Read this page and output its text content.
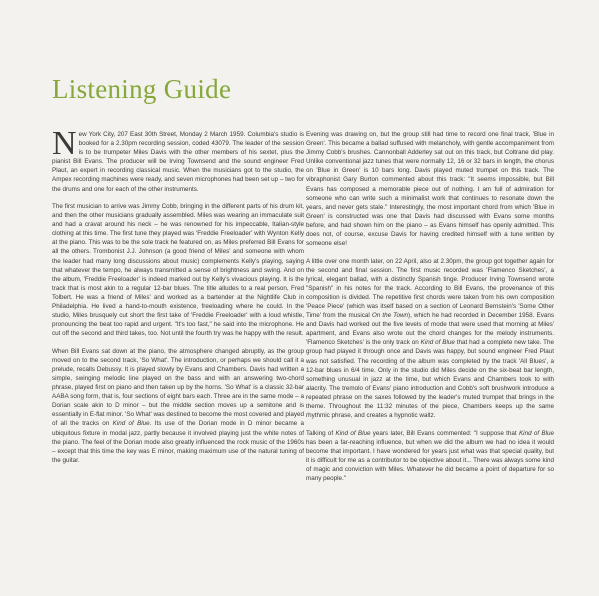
Listening Guide

New York City, 207 East 30th Street, Monday 2 March 1959. Columbia's studio is booked for a 2.30pm recording session, coded 43079. The leader of the session is to be trumpeter Miles Davis with the other members of his sextet, plus the pianist Bill Evans. The producer will be Irving Townsend and the sound engineer Fred Plaut, an expert in recording classical music. When the musicians got to the studio, the Ampex recording machines were ready, and seven microphones had been set up – two for the drums and one for each of the other instruments.

The first musician to arrive was Jimmy Cobb, bringing in the different parts of his drum kit, and then the other musicians gradually assembled. Miles was wearing an immaculate suit and had a cravat around his neck – he was renowned for his impeccable, Italian-style clothing at this time. The first tune they played was 'Freddie Freeloader' with Wynton Kelly at the piano. This was to be the sole track he featured on, as Miles preferred Bill Evans for all the others. Trombonist J.J. Johnson (a good friend of Miles' and someone with whom the leader had many long discussions about music) complements Kelly's playing, saying that whatever the tempo, he always transmitted a sense of brightness and swing. And on the album, 'Freddie Freeloader' is indeed marked out by Kelly's vivacious playing. It is the track that is most akin to a regular 12-bar blues. The title alludes to a real person, Fred Tolbert. He was a friend of Miles' and worked as a bartender at the Nightlife Club in Philadelphia. He lived a hand-to-mouth existence, freeloading where he could. In the studio, Miles brusquely cut short the first take of 'Freddie Freeloader' with a loud whistle, pronouncing the beat too rapid and urgent. "It's too fast," he said into the microphone. He cut off the second and third takes, too. Not until the fourth try was he happy with the result.

When Bill Evans sat down at the piano, the atmosphere changed abruptly, as the group moved on to the second track, 'So What'. The introduction, or perhaps we should call it a prelude, recalls Debussy. It is played slowly by Evans and Chambers. Davis had written a simple, swinging melodic line played on the bass and with an answering two-chord phrase, played first on piano and then taken up by the horns. 'So What' is a classic 32-bar AABA song form, that is, four sections of eight bars each. Three are in the same mode – a Dorian scale akin to D minor – but the middle section moves up a semitone and is essentially in E-flat minor. 'So What' was destined to become the most covered and played of all the tracks on Kind of Blue. Its use of the Dorian mode in D minor became a ubiquitous fixture in modal jazz, partly because it involved playing just the white notes of the piano. The feel of the Dorian mode also greatly influenced the rock music of the 1960s – except that this time the key was E minor, making maximum use of the natural tuning of the guitar.

Evening was drawing on, but the group still had time to record one final track, 'Blue in Green'. This became a ballad suffused with melancholy, with gentle accompaniment from Jimmy Cobb's brushes. Cannonball Adderley sat out on this track, but Coltrane did play. Unlike conventional jazz tunes that were normally 12, 16 or 32 bars in length, the chorus on 'Blue in Green' is 10 bars long. Davis played muted trumpet on this track. The vibraphonist Gary Burton commented about this track: "It seems impossible, but Bill Evans has composed a memorable piece out of nothing. I am full of admiration for someone who can write such a minimalist work that continues to resonate down the years, and never gets stale." Interestingly, the most important chord from which 'Blue in Green' is constructed was one that Davis had discussed with Evans some months before, and had shown him on the piano – as Evans himself has openly admitted. This does not, of course, excuse Davis for having credited himself with a tune written by someone else!

A little over one month later, on 22 April, also at 2.30pm, the group got together again for the second and final session. The first music recorded was 'Flamenco Sketches', a lyrical, elegant ballad, with a distinctly Spanish tinge. Producer Irving Townsend wrote "Spanish" in his notes for the track. According to Bill Evans, the provenance of this composition is divided. The repetitive first chords were taken from his own composition 'Peace Piece' (which was itself based on a section of Leonard Bernstein's 'Some Other Time' from the musical On the Town), which he had recorded in December 1958. Evans and Davis had worked out the five levels of mode that were used that morning at Miles' apartment, and Evans also wrote out the chord changes for the melody instruments. 'Flamenco Sketches' is the only track on Kind of Blue that had a complete new take. The group had played it through once and Davis was happy, but sound engineer Fred Plaut was not satisfied. The recording of the album was completed by the track 'All Blues', a 12-bar blues in 6/4 time. Only in the studio did Miles decide on the six-beat bar length, something unusual in jazz at the time, but which Evans and Chambers took to with alacrity. The tremolo of Evans' piano introduction and Cobb's soft brushwork introduce a repeated phrase on the saxes followed by the leader's muted trumpet that brings in the theme. Throughout the 11:32 minutes of the piece, Chambers keeps up the same rhythmic phrase, and creates a hypnotic waltz.

Talking of Kind of Blue years later, Bill Evans commented: "I suppose that Kind of Blue has been a far-reaching influence, but when we did the album we had no idea it would become that important. I have wondered for years just what was that special quality, but it is difficult for me as a contributor to be objective about it... There was always some kind of magic and conviction with Miles. Whatever he did became a point of departure for so many people."
